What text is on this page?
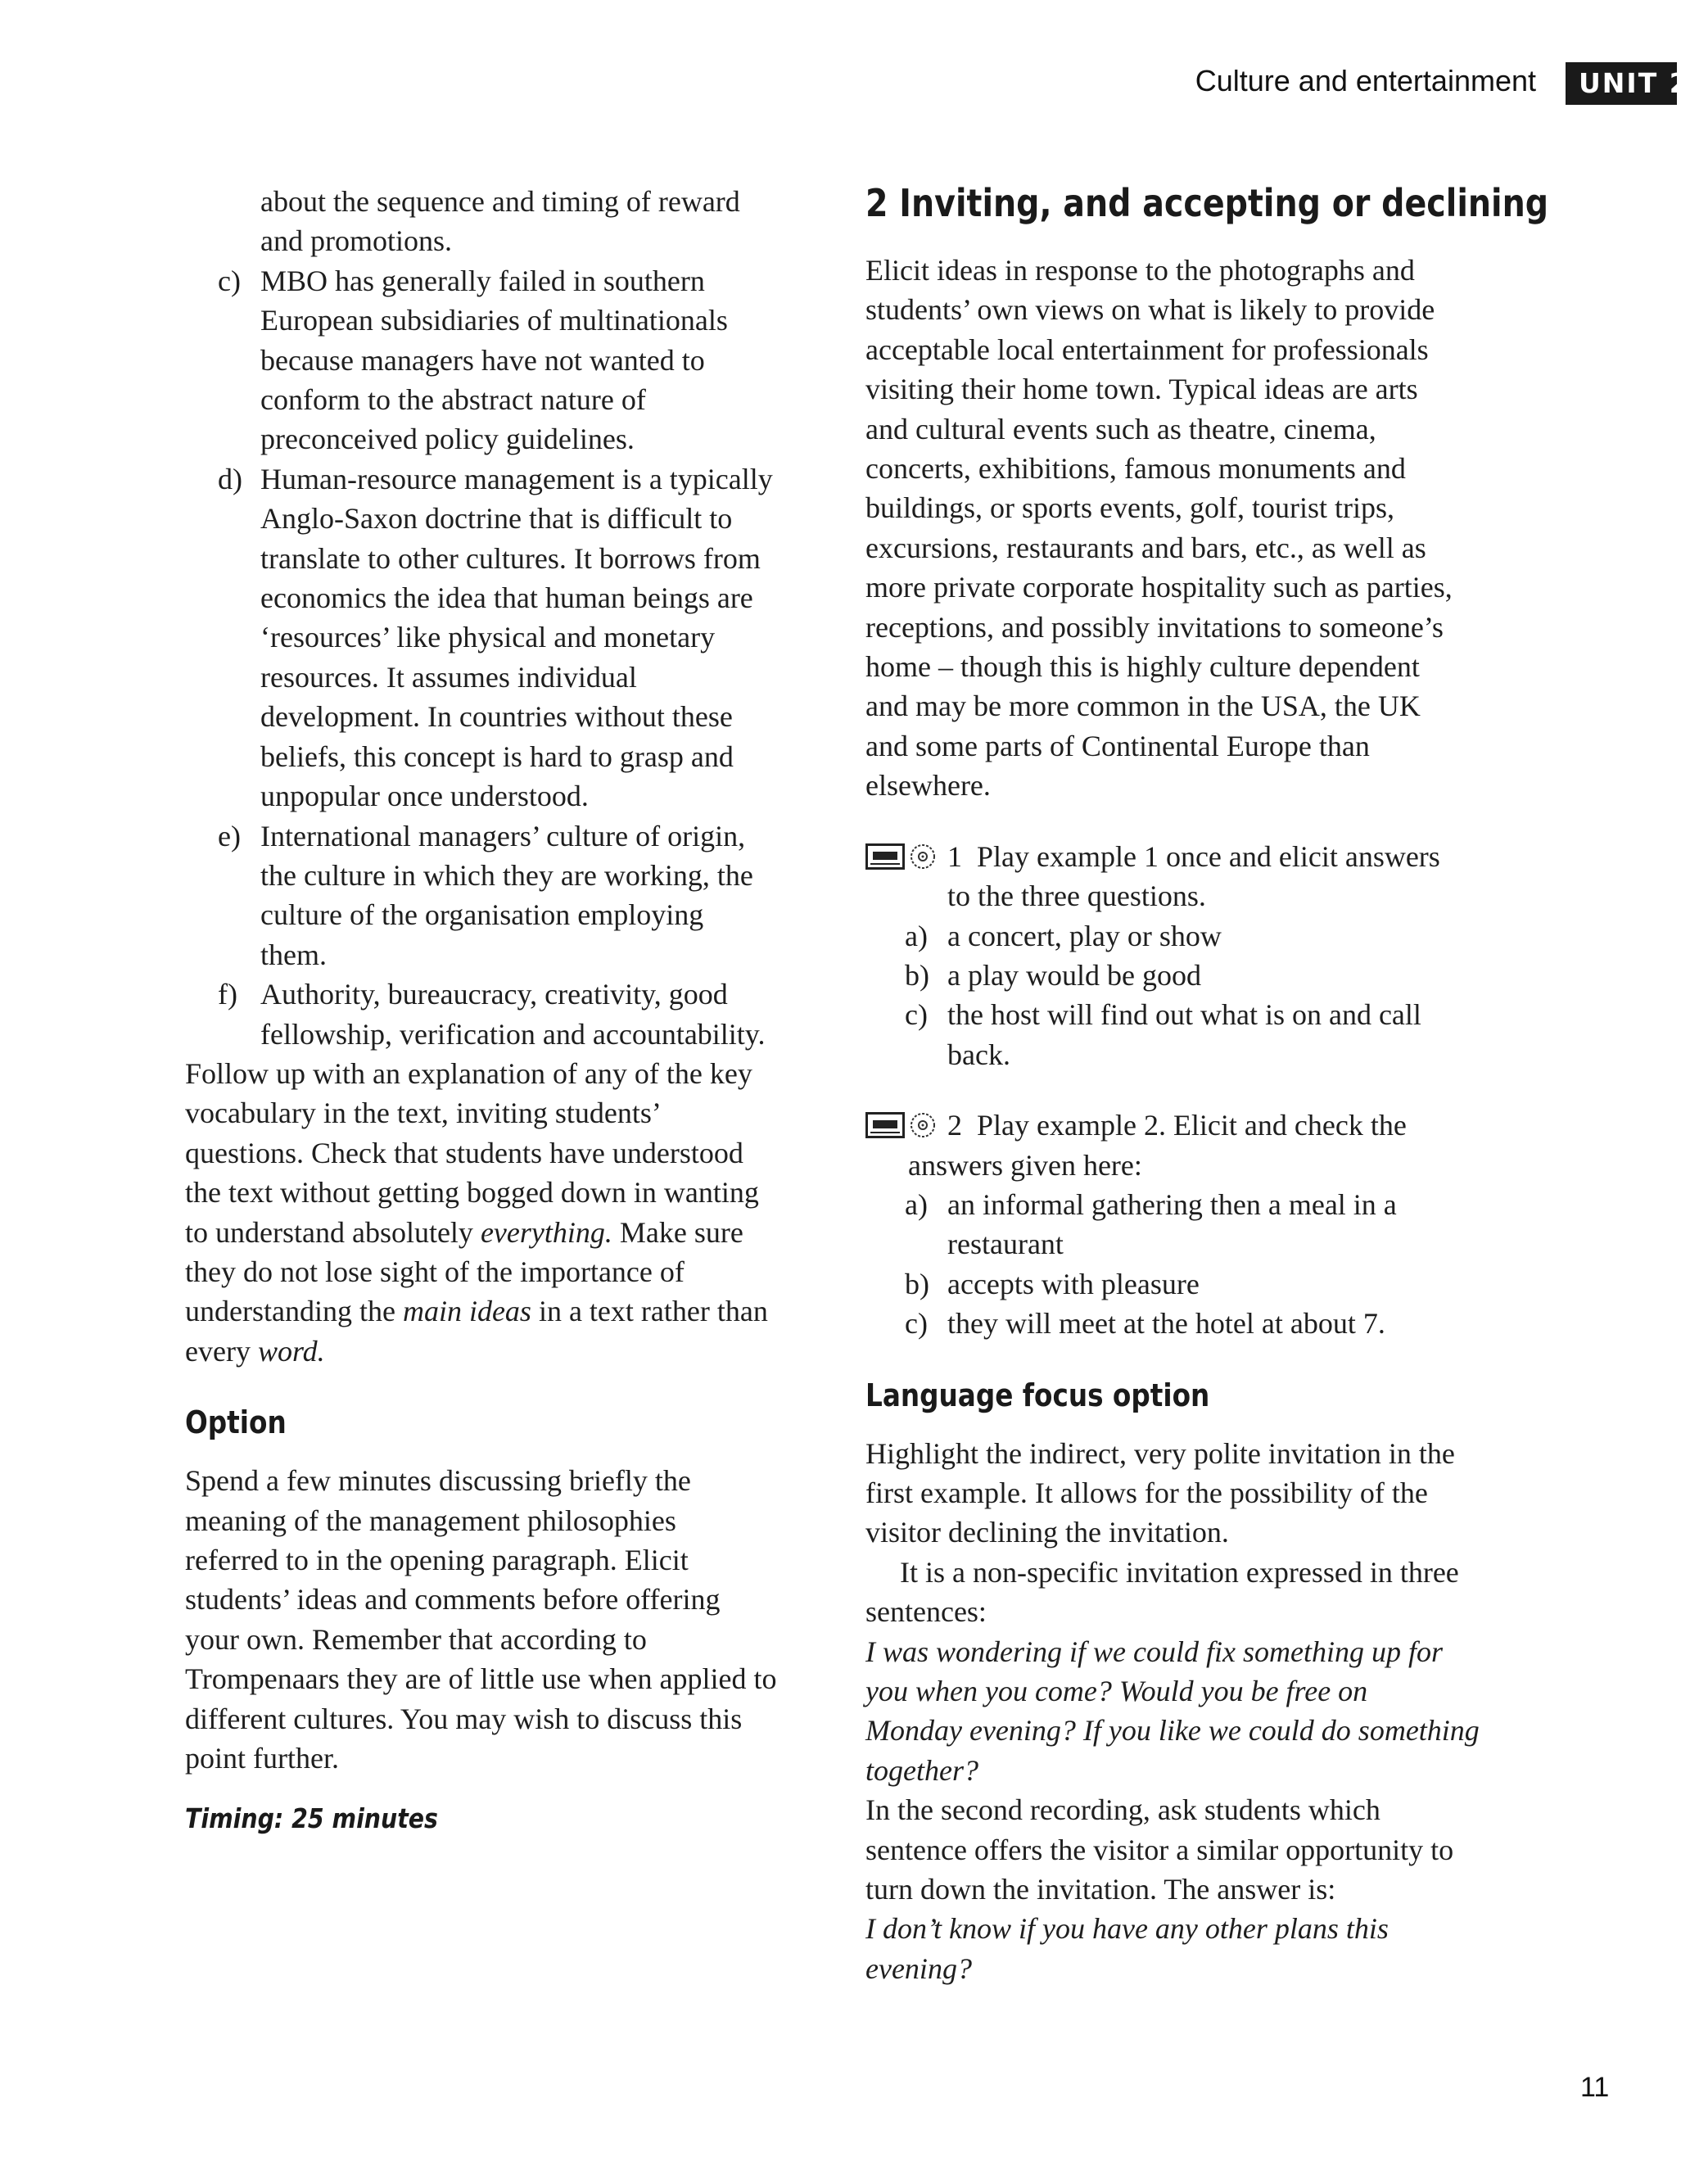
Culture and entertainment	UNIT 2

about the sequence and timing of reward

and promotions.

c) MBO has generally failed in southern
European subsidiaries of multinationals
because managers have not wanted to
conform to the abstract nature of
preconceived policy guidelines.
d) Human-resource management is a typically
Anglo-Saxon doctrine that is difficult to
translate to other cultures. It borrows from
economics the idea that human beings are
‘resources’ like physical and monetary
resources. It assumes individual
development. In countries without these
beliefs, this concept is hard to grasp and
unpopular once understood.
e) International managers’ culture of origin,
the culture in which they are working, the
culture of the organisation employing
them.
f) Authority, bureaucracy, creativity, good
fellowship, verification and accountability.
Follow up with an explanation of any of the key
vocabulary in the text, inviting students’
questions. Check that students have understood
the text without getting bogged down in wanting
to understand absolutely everything. Make sure
they do not lose sight of the importance of
understanding the main ideas in a text rather than
every word.
Option
Spend a few minutes discussing briefly the
meaning of the management philosophies
referred to in the opening paragraph. Elicit
students’ ideas and comments before offering
your own. Remember that according to
Trompenaars they are of little use when applied to
different cultures. You may wish to discuss this
point further.
Timing: 25 minutes
2 Inviting, and accepting or declining
Elicit ideas in response to the photographs and
students’ own views on what is likely to provide
acceptable local entertainment for professionals
visiting their home town. Typical ideas are arts
and cultural events such as theatre, cinema,
concerts, exhibitions, famous monuments and
buildings, or sports events, golf, tourist trips,
excursions, restaurants and bars, etc., as well as
more private corporate hospitality such as parties,
receptions, and possibly invitations to someone’s
home – though this is highly culture dependent
and may be more common in the USA, the UK
and some parts of Continental Europe than
elsewhere.
1 Play example 1 once and elicit answers
to the three questions.
a) a concert, play or show
b) a play would be good
c) the host will find out what is on and call
back.
2 Play example 2. Elicit and check the
answers given here:
a) an informal gathering then a meal in a
restaurant
b) accepts with pleasure
c) they will meet at the hotel at about 7.
Language focus option
Highlight the indirect, very polite invitation in the
first example. It allows for the possibility of the
visitor declining the invitation.
It is a non-specific invitation expressed in three
sentences:
I was wondering if we could fix something up for
you when you come? Would you be free on
Monday evening? If you like we could do something
together?
In the second recording, ask students which
sentence offers the visitor a similar opportunity to
turn down the invitation. The answer is:
I don’t know if you have any other plans this
evening?
11
